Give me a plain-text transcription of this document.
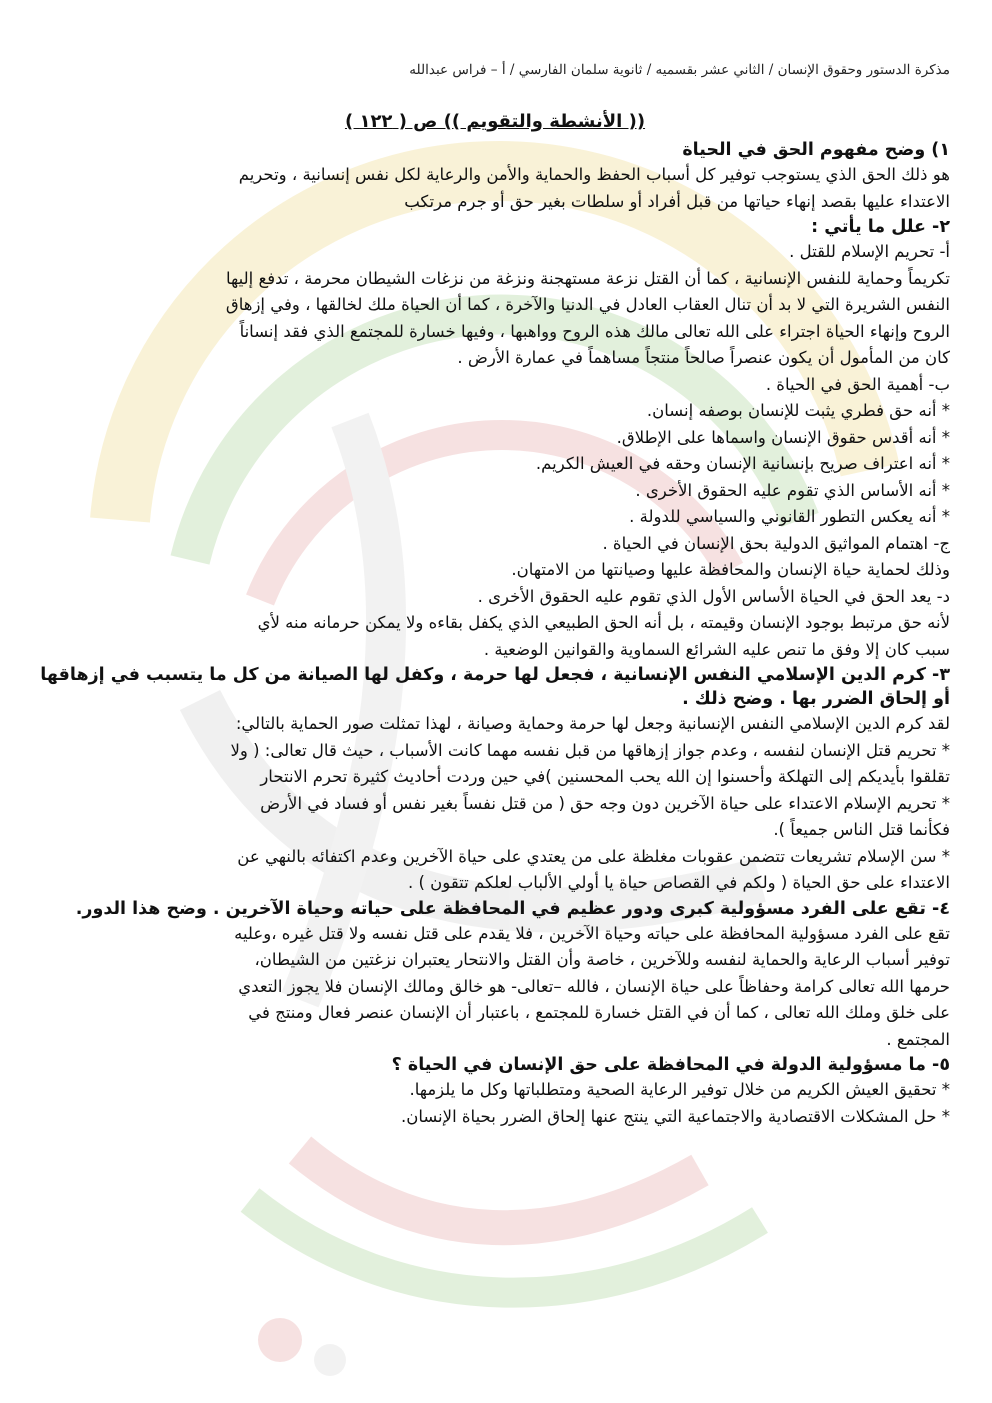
مذكرة الدستور وحقوق الإنسان / الثاني عشر بقسميه / ثانوية سلمان الفارسي / أ – فراس عبدالله

(( الأنشطة والتقويم )) ص ( ١٢٢ )

١) وضح مفهوم الحق في الحياة

هو ذلك الحق الذي يستوجب توفير كل أسباب الحفظ والحماية والأمن والرعاية لكل نفس إنسانية ، وتحريم

الاعتداء عليها بقصد إنهاء حياتها من قبل أفراد أو سلطات بغير حق أو جرم مرتكب

٢- علل ما يأتي :

أ- تحريم الإسلام للقتل .

تكريماً وحماية للنفس الإنسانية ، كما أن القتل نزعة مستهجنة ونزغة من نزغات الشيطان محرمة ، تدفع إليها

النفس الشريرة التي لا بد أن تنال العقاب العادل في الدنيا والآخرة ، كما أن الحياة ملك لخالقها ، وفي إزهاق

الروح وإنهاء الحياة اجتراء على الله تعالى مالك هذه الروح وواهبها ، وفيها خسارة للمجتمع الذي فقد إنساناً

كان من المأمول أن يكون عنصراً صالحاً منتجاً مساهماً في عمارة الأرض .

ب- أهمية الحق في الحياة .

* أنه حق فطري يثبت للإنسان بوصفه إنسان.

* أنه أقدس حقوق الإنسان واسماها على الإطلاق.

* أنه اعتراف صريح بإنسانية الإنسان وحقه في العيش الكريم.

* أنه الأساس الذي تقوم عليه الحقوق الأخرى .

* أنه يعكس التطور القانوني والسياسي للدولة .

ج- اهتمام المواثيق الدولية بحق الإنسان في الحياة .

وذلك لحماية حياة الإنسان والمحافظة عليها وصيانتها من الامتهان.

د- يعد الحق في الحياة الأساس الأول الذي تقوم عليه الحقوق الأخرى .

لأنه حق مرتبط بوجود الإنسان وقيمته ، بل أنه الحق الطبيعي الذي يكفل بقاءه ولا يمكن حرمانه منه لأي

سبب كان إلا وفق ما تنص عليه الشرائع السماوية والقوانين الوضعية .

٣- كرم الدين الإسلامي النفس الإنسانية ، فجعل لها حرمة ، وكفل لها الصيانة من كل ما يتسبب في إزهاقها

أو إلحاق الضرر بها . وضح ذلك .

لقد كرم الدين الإسلامي النفس الإنسانية وجعل لها حرمة وحماية وصيانة ، لهذا تمثلت صور الحماية بالتالي:

* تحريم قتل الإنسان لنفسه ، وعدم جواز إزهاقها من قبل نفسه مهما كانت الأسباب ، حيث قال تعالى: ( ولا

تقلقوا بأيديكم إلى التهلكة وأحسنوا إن الله يحب المحسنين )في حين وردت أحاديث كثيرة تحرم الانتحار

* تحريم الإسلام الاعتداء على حياة الآخرين دون وجه حق ( من قتل نفساً بغير نفس أو فساد في الأرض

فكأنما قتل الناس جميعاً ).

* سن الإسلام تشريعات تتضمن عقوبات مغلظة على من يعتدي على حياة الآخرين وعدم اكتفائه بالنهي عن

الاعتداء على حق الحياة ( ولكم في القصاص حياة يا أولي الألباب لعلكم تتقون ) .

٤- تقع على الفرد مسؤولية كبرى ودور عظيم في المحافظة على حياته وحياة الآخرين . وضح هذا الدور.

تقع على الفرد مسؤولية المحافظة على حياته وحياة الآخرين ، فلا يقدم على قتل نفسه ولا قتل غيره ،وعليه

توفير أسباب الرعاية والحماية لنفسه وللآخرين ، خاصة وأن القتل والانتحار يعتبران نزغتين من الشيطان،

حرمها الله تعالى كرامة وحفاظاً على حياة الإنسان ، فالله –تعالى- هو خالق ومالك الإنسان فلا يجوز التعدي

على خلق وملك الله تعالى ، كما أن في القتل خسارة للمجتمع ، باعتبار أن الإنسان عنصر فعال ومنتج في

المجتمع .

٥- ما مسؤولية الدولة في المحافظة على حق الإنسان في الحياة ؟

* تحقيق العيش الكريم من خلال توفير الرعاية الصحية ومتطلباتها وكل ما يلزمها.

* حل المشكلات الاقتصادية والاجتماعية التي ينتج عنها إلحاق الضرر بحياة الإنسان.
